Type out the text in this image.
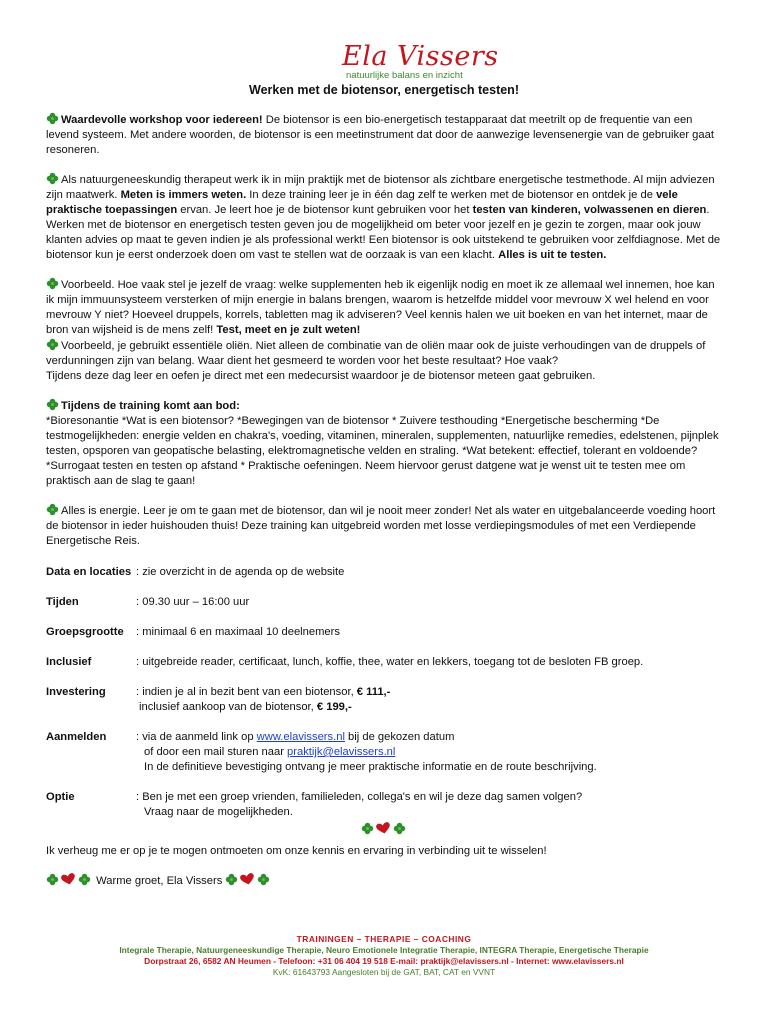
Ela Vissers
natuurlijke balans en inzicht
Werken met de biotensor, energetisch testen!

Waardevolle workshop voor iedereen! De biotensor is een bio-energetisch testapparaat dat meetrilt op de frequentie van een levend systeem. Met andere woorden, de biotensor is een meetinstrument dat door de aanwezige levensenergie van de gebruiker gaat resoneren.

Als natuurgeneeskundig therapeut werk ik in mijn praktijk met de biotensor als zichtbare energetische testmethode. Al mijn adviezen zijn maatwerk. Meten is immers weten. In deze training leer je in één dag zelf te werken met de biotensor en ontdek je de vele praktische toepassingen ervan. Je leert hoe je de biotensor kunt gebruiken voor het testen van kinderen, volwassenen en dieren. Werken met de biotensor en energetisch testen geven jou de mogelijkheid om beter voor jezelf en je gezin te zorgen, maar ook jouw klanten advies op maat te geven indien je als professional werkt! Een biotensor is ook uitstekend te gebruiken voor zelfdiagnose. Met de biotensor kun je eerst onderzoek doen om vast te stellen wat de oorzaak is van een klacht. Alles is uit te testen.

Voorbeeld. Hoe vaak stel je jezelf de vraag: welke supplementen heb ik eigenlijk nodig en moet ik ze allemaal wel innemen, hoe kan ik mijn immuunsysteem versterken of mijn energie in balans brengen, waarom is hetzelfde middel voor mevrouw X wel helend en voor mevrouw Y niet? Hoeveel druppels, korrels, tabletten mag ik adviseren? Veel kennis halen we uit boeken en van het internet, maar de bron van wijsheid is de mens zelf! Test, meet en je zult weten!

Voorbeeld, je gebruikt essentiële oliën. Niet alleen de combinatie van de oliën maar ook de juiste verhoudingen van de druppels of verdunningen zijn van belang. Waar dient het gesmeerd te worden voor het beste resultaat? Hoe vaak?

Tijdens deze dag leer en oefen je direct met een medecursist waardoor je de biotensor meteen gaat gebruiken.

Tijdens de training komt aan bod:
*Bioresonantie *Wat is een biotensor? *Bewegingen van de biotensor * Zuivere testhouding *Energetische bescherming *De testmogelijkheden: energie velden en chakra's, voeding, vitaminen, mineralen, supplementen, natuurlijke remedies, edelstenen, pijnplek testen, opsporen van geopatische belasting, elektromagnetische velden en straling. *Wat betekent: effectief, tolerant en voldoende? *Surrogaat testen en testen op afstand * Praktische oefeningen. Neem hiervoor gerust datgene wat je wenst uit te testen mee om praktisch aan de slag te gaan!

Alles is energie. Leer je om te gaan met de biotensor, dan wil je nooit meer zonder! Net als water en uitgebalanceerde voeding hoort de biotensor in ieder huishouden thuis! Deze training kan uitgebreid worden met losse verdiepingsmodules of met een Verdiepende Energetische Reis.

Data en locaties : zie overzicht in de agenda op de website
Tijden	: 09.30 uur – 16:00 uur
Groepsgrootte	: minimaal 6 en maximaal 10 deelnemers
Inclusief	: uitgebreide reader, certificaat, lunch, koffie, thee, water en lekkers, toegang tot de besloten FB groep.
Investering	: indien je al in bezit bent van een biotensor, € 111,-
inclusief aankoop van de biotensor, € 199,-
Aanmelden	: via de aanmeld link op www.elavissers.nl bij de gekozen datum
of door een mail sturen naar praktijk@elavissers.nl
In de definitieve bevestiging ontvang je meer praktische informatie en de route beschrijving.
Optie	: Ben je met een groep vrienden, familieleden, collega's en wil je deze dag samen volgen?
Vraag naar de mogelijkheden.

Ik verheug me er op je te mogen ontmoeten om onze kennis en ervaring in verbinding uit te wisselen!

Warme groet, Ela Vissers

TRAININGEN – THERAPIE – COACHING
Integrale Therapie, Natuurgeneeskundige Therapie, Neuro Emotionele Integratie Therapie, INTEGRA Therapie, Energetische Therapie
Dorpstraat 26, 6582 AN Heumen - Telefoon: +31 06 404 19 518 E-mail: praktijk@elavissers.nl - Internet: www.elavissers.nl
KvK: 61643793 Aangesloten bij de GAT, BAT, CAT en VVNT
